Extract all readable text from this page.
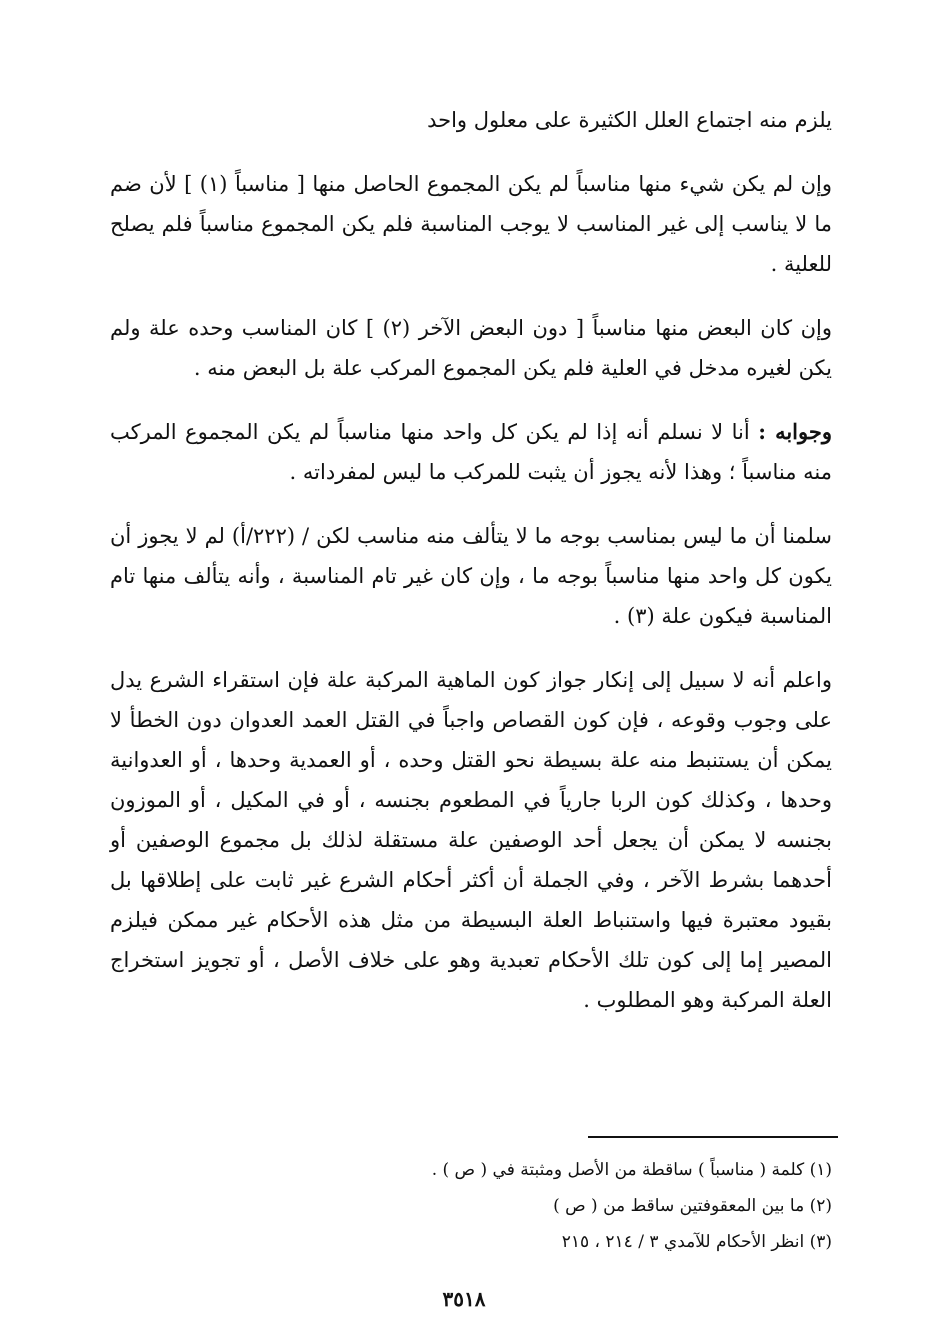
يلزم منه اجتماع العلل الكثيرة على معلول واحد

وإن لم يكن شيء منها مناسباً لم يكن المجموع الحاصل منها [ مناسباً (١) ] لأن ضم ما لا يناسب إلى غير المناسب لا يوجب المناسبة فلم يكن المجموع مناسباً فلم يصلح للعلية .

وإن كان البعض منها مناسباً [ دون البعض الآخر (٢) ] كان المناسب وحده علة ولم يكن لغيره مدخل في العلية فلم يكن المجموع المركب علة بل البعض منه .

وجوابه : أنا لا نسلم أنه إذا لم يكن كل واحد منها مناسباً لم يكن المجموع المركب منه مناسباً ؛ وهذا لأنه يجوز أن يثبت للمركب ما ليس لمفرداته .

سلمنا أن ما ليس بمناسب بوجه ما لا يتألف منه مناسب لكن / (٢٢٢/أ) لم لا يجوز أن يكون كل واحد منها مناسباً بوجه ما ، وإن كان غير تام المناسبة ، وأنه يتألف منها تام المناسبة فيكون علة (٣) .

واعلم أنه لا سبيل إلى إنكار جواز كون الماهية المركبة علة فإن استقراء الشرع يدل على وجوب وقوعه ، فإن كون القصاص واجباً في القتل العمد العدوان دون الخطأ لا يمكن أن يستنبط منه علة بسيطة نحو القتل وحده ، أو العمدية وحدها ، أو العدوانية وحدها ، وكذلك كون الربا جارياً في المطعوم بجنسه ، أو في المكيل ، أو الموزون بجنسه لا يمكن أن يجعل أحد الوصفين علة مستقلة لذلك بل مجموع الوصفين أو أحدهما بشرط الآخر ، وفي الجملة أن أكثر أحكام الشرع غير ثابت على إطلاقها بل بقيود معتبرة فيها واستنباط العلة البسيطة من مثل هذه الأحكام غير ممكن فيلزم المصير إما إلى كون تلك الأحكام تعبدية وهو على خلاف الأصل ، أو تجويز استخراج العلة المركبة وهو المطلوب .

(١) كلمة ( مناسباً ) ساقطة من الأصل ومثبتة في ( ص ) .
(٢) ما بين المعقوفتين ساقط من ( ص )
(٣) انظر الأحكام للآمدي ٣ / ٢١٤ ، ٢١٥
٣٥١٨
